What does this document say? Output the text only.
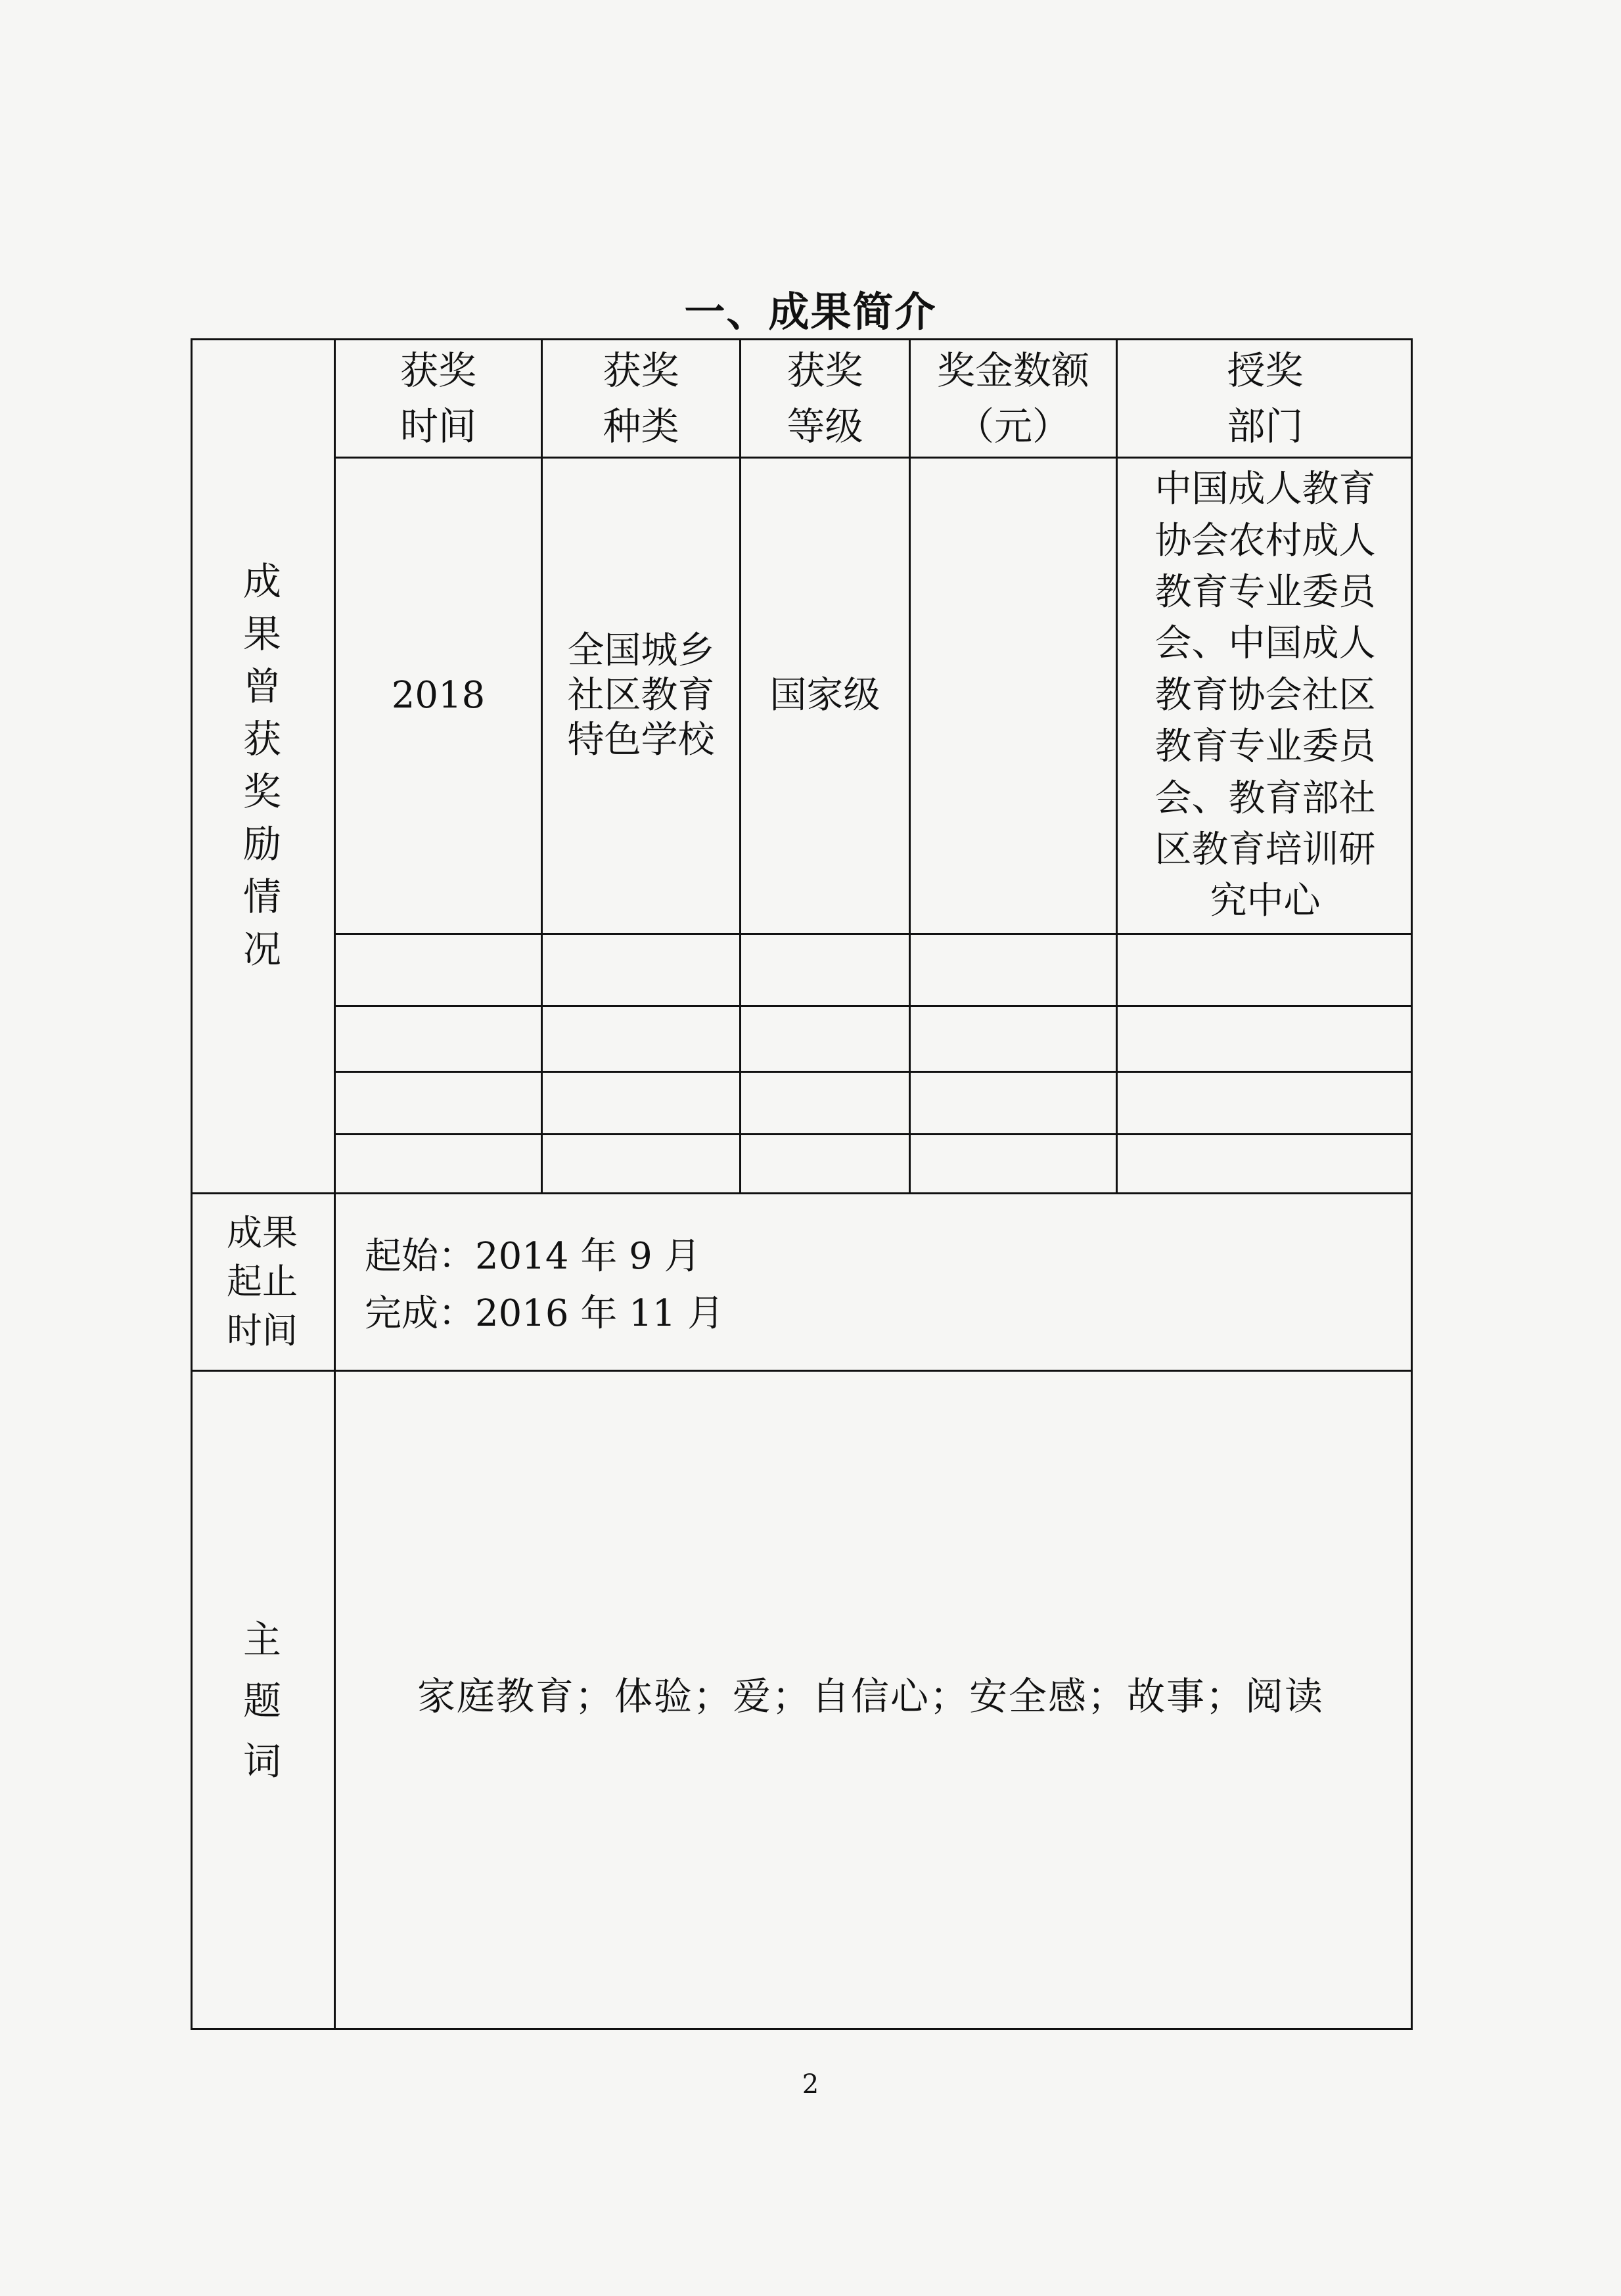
一、成果简介
成
果
曾
获
奖
励
情
况
获奖时间
获奖种类
获奖等级
奖金数额（元）
授奖部门
2018
全国城乡社区教育特色学校
国家级
中国成人教育协会农村成人教育专业委员会、中国成人教育协会社区教育专业委员会、教育部社区教育培训研究中心
成果起止时间
起始：2014 年 9 月
完成：2016 年 11 月
主
题
词
家庭教育；体验；爱；自信心；安全感；故事；阅读
2
